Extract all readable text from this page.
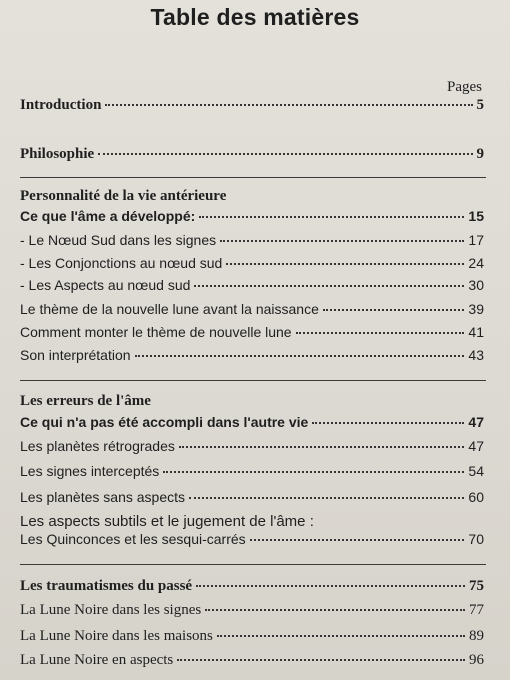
Table des matières
Pages
Introduction	5
Philosophie	9
Personnalité de la vie antérieure
Ce que l'âme a développé:	15
- Le Nœud Sud dans les signes	17
- Les Conjonctions au nœud sud	24
- Les Aspects au nœud sud	30
Le thème de la nouvelle lune avant la naissance	39
Comment monter le thème de nouvelle lune	41
Son interprétation	43
Les erreurs de l'âme
Ce qui n'a pas été accompli dans l'autre vie	47
Les planètes rétrogrades	47
Les signes interceptés	54
Les planètes sans aspects	60
Les aspects subtils et le jugement de l'âme :
Les Quinconces et les sesqui-carrés	70
Les traumatismes du passé	75
La Lune Noire dans les signes	77
La Lune Noire dans les maisons	89
La Lune Noire en aspects	96
